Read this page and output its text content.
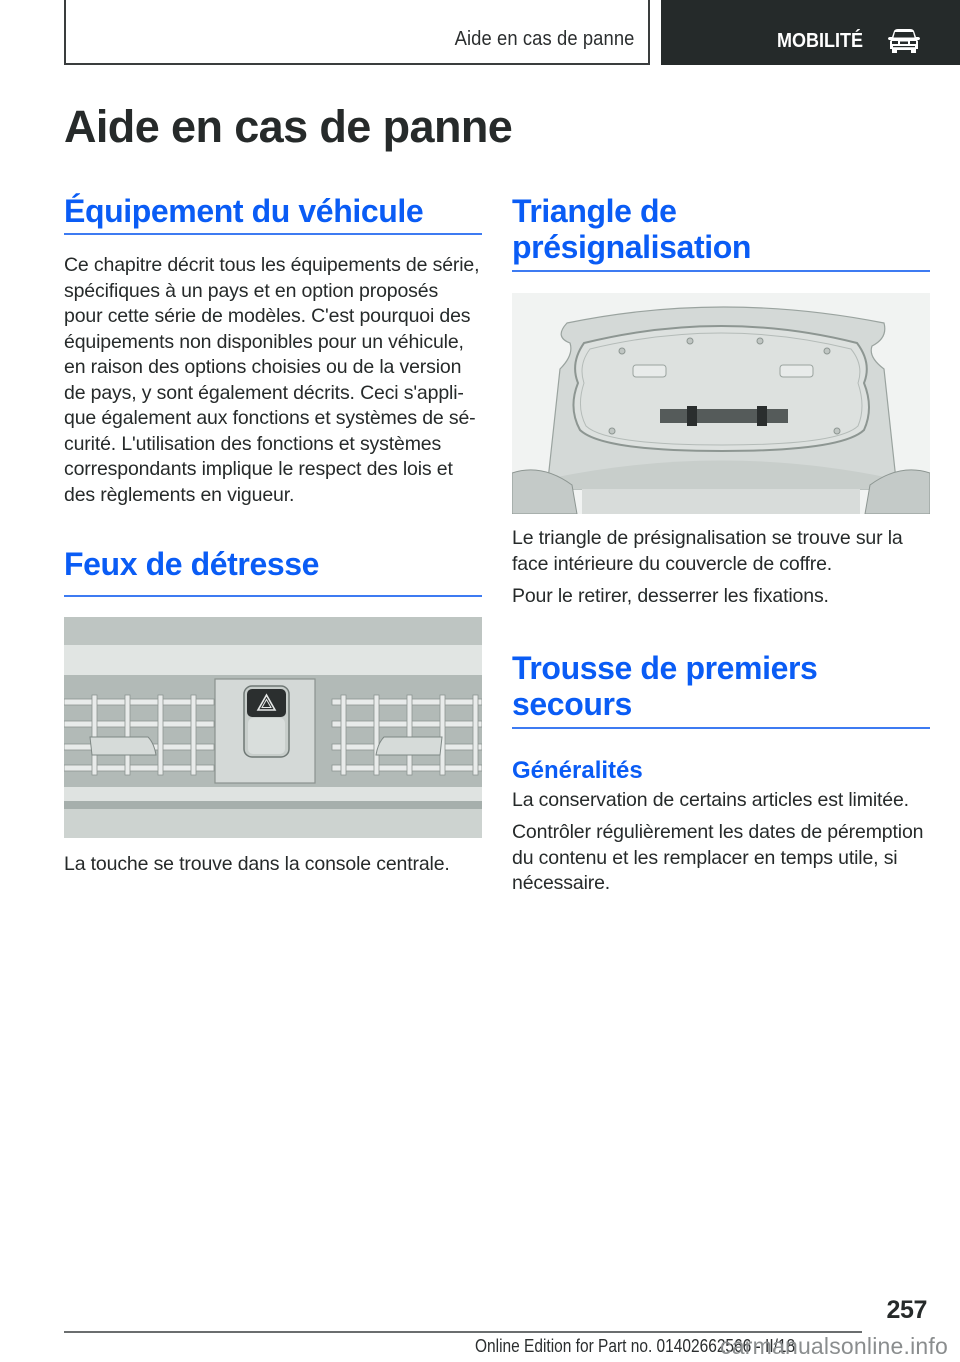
Aide en cas de panne	MOBILITÉ
Aide en cas de panne
Équipement du véhicule
Ce chapitre décrit tous les équipements de série,
spécifiques à un pays et en option proposés
pour cette série de modèles. C'est pourquoi des
équipements non disponibles pour un véhicule,
en raison des options choisies ou de la version
de pays, y sont également décrits. Ceci s'appli-
que également aux fonctions et systèmes de sé-
curité. L'utilisation des fonctions et systèmes
correspondants implique le respect des lois et
des règlements en vigueur.
Feux de détresse

La touche se trouve dans la console centrale.

Triangle de
présignalisation
Le triangle de présignalisation se trouve sur la
face intérieure du couvercle de coffre.

Pour le retirer, desserrer les fixations.

Trousse de premiers
secours
Généralités

La conservation de certains articles est limitée.

Contrôler régulièrement les dates de péremption
du contenu et les remplacer en temps utile, si
nécessaire.
257
Online Edition for Part no. 01402662566 - II/18
carmanualsonline.info
